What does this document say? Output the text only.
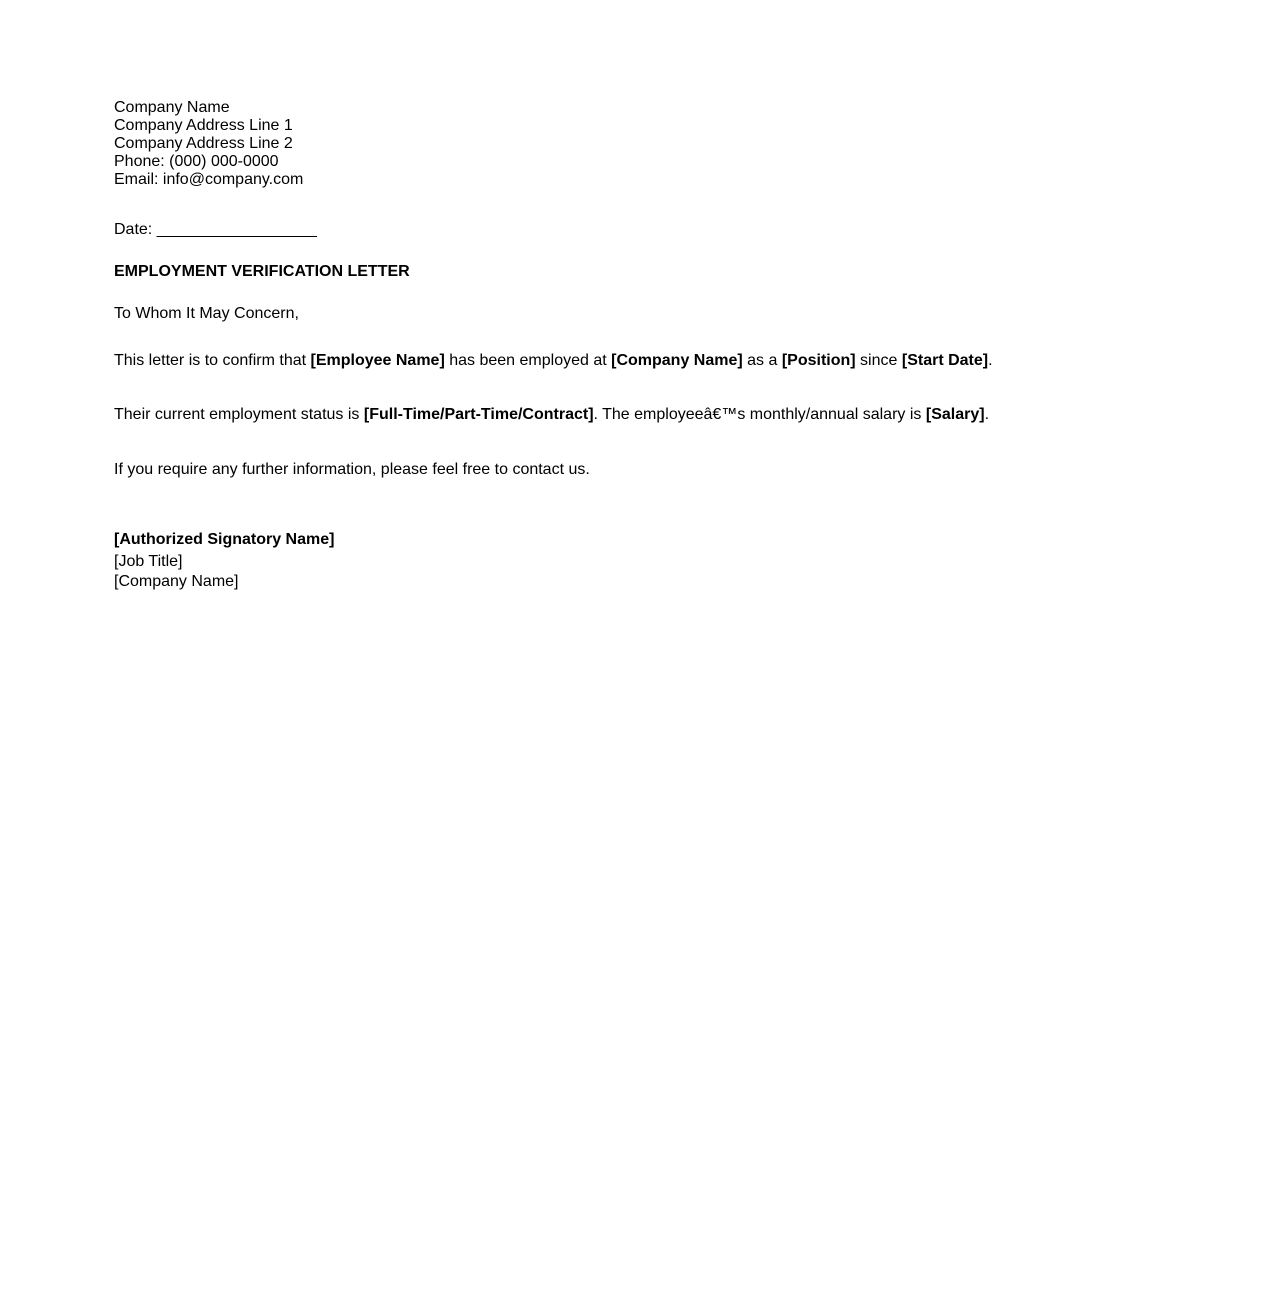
Company Name
Company Address Line 1
Company Address Line 2
Phone: (000) 000-0000
Email: info@company.com
Date: __________________
EMPLOYMENT VERIFICATION LETTER
To Whom It May Concern,
This letter is to confirm that [Employee Name] has been employed at [Company Name] as a [Position] since [Start Date].
Their current employment status is [Full-Time/Part-Time/Contract]. The employeeâ€™s monthly/annual salary is [Salary].
If you require any further information, please feel free to contact us.
[Authorized Signatory Name]
[Job Title]
[Company Name]
